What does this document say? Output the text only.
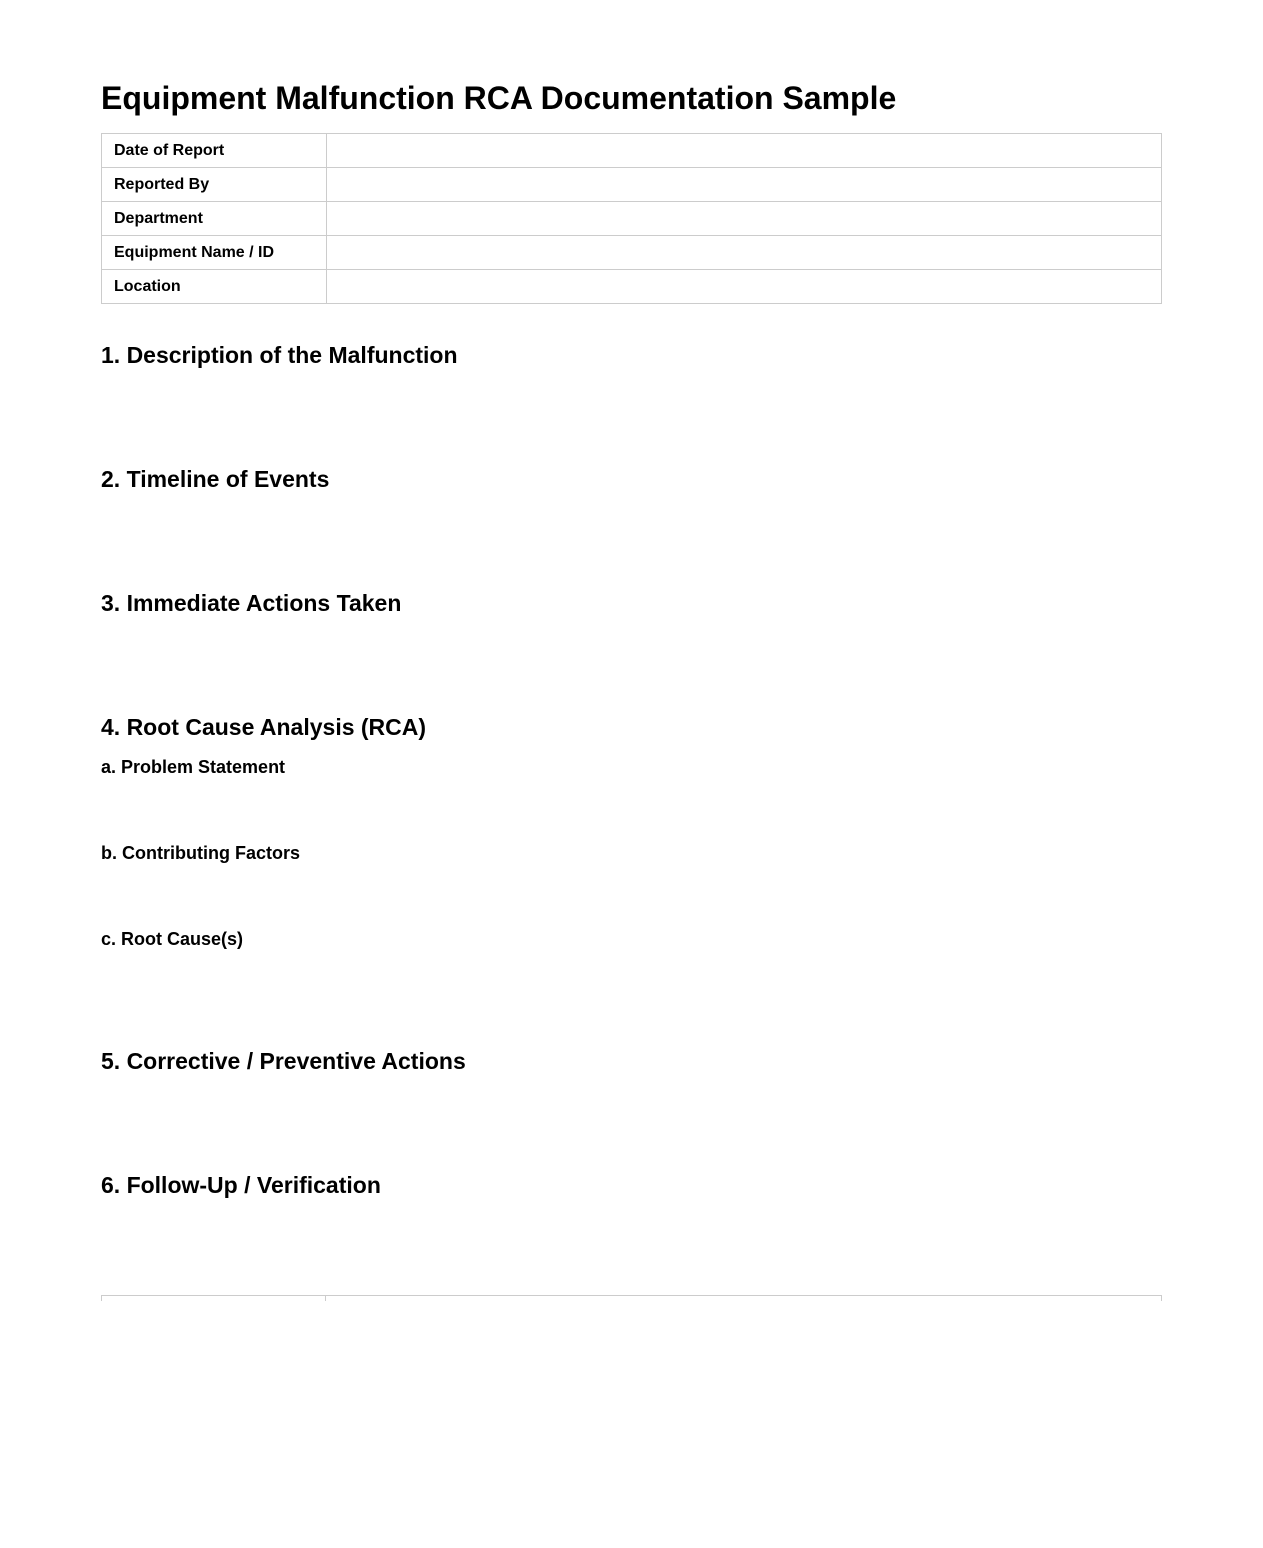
Equipment Malfunction RCA Documentation Sample
Date of Report	
Reported By	
Department	
Equipment Name / ID	
Location	
1. Description of the Malfunction
2. Timeline of Events
3. Immediate Actions Taken
4. Root Cause Analysis (RCA)
a. Problem Statement
b. Contributing Factors
c. Root Cause(s)
5. Corrective / Preventive Actions
6. Follow-Up / Verification
